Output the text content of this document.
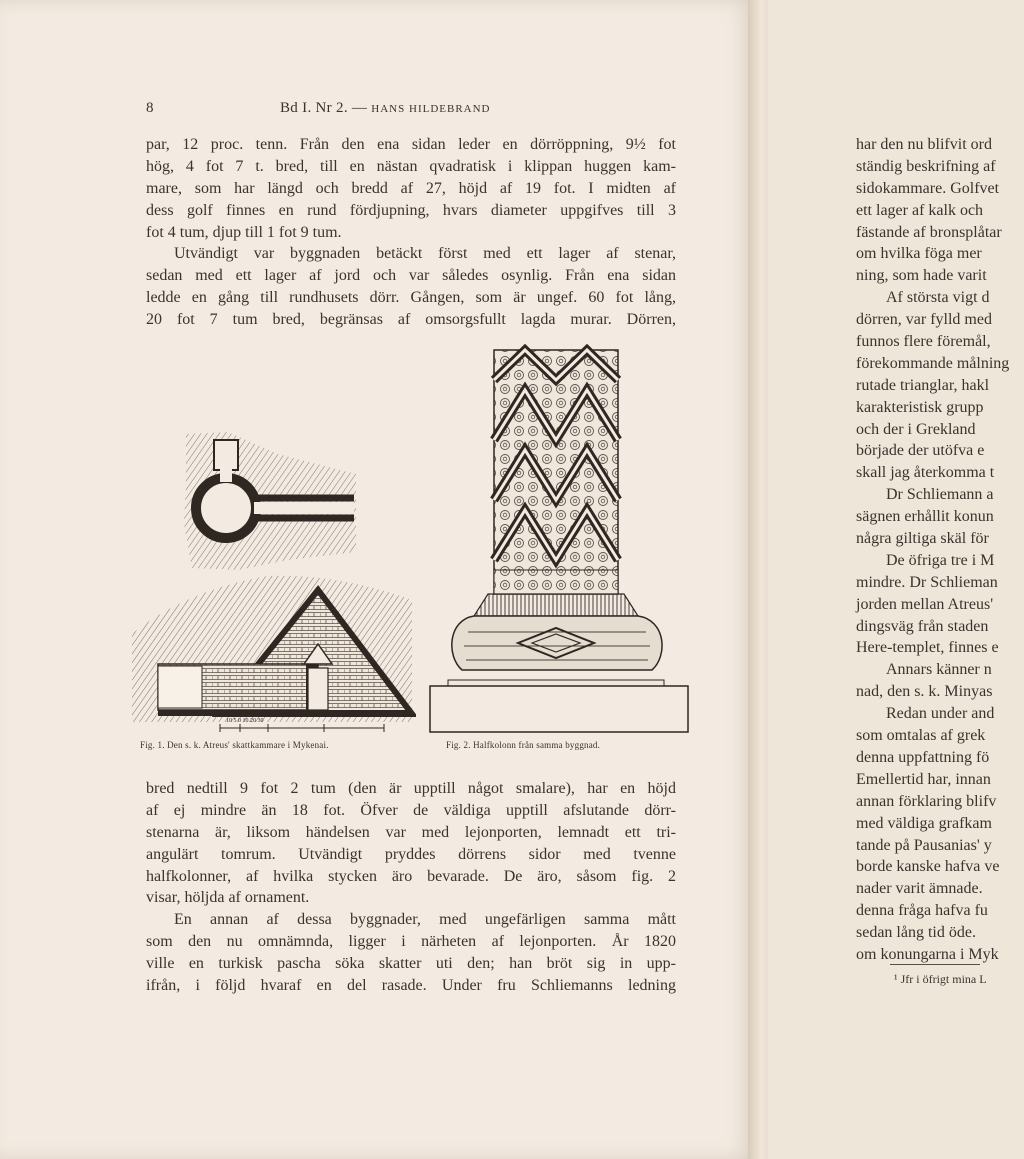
8	Bd I. Nr 2. — HANS HILDEBRAND
par, 12 proc. tenn. Från den ena sidan leder en dörröppning, 9½ fot
hög, 4 fot 7 t. bred, till en nästan qvadratisk i klippan huggen kam-
mare, som har längd och bredd af 27, höjd af 19 fot. I midten af
dess golf finnes en rund fördjupning, hvars diameter uppgifves till 3
fot 4 tum, djup till 1 fot 9 tum.
Utvändigt var byggnaden betäckt först med ett lager af stenar,
sedan med ett lager af jord och var således osynlig. Från ena sidan
ledde en gång till rundhusets dörr. Gången, som är ungef. 60 fot lång,
20 fot 7 tum bred, begränsas af omsorgsfullt lagda murar. Dörren,
10 5 0 10 20 30
Fig. 1. Den s. k. Atreus' skattkammare i Mykenai.	Fig. 2. Halfkolonn från samma byggnad.
bred nedtill 9 fot 2 tum (den är upptill något smalare), har en höjd
af ej mindre än 18 fot. Öfver de väldiga upptill afslutande dörr-
stenarna är, liksom händelsen var med lejonporten, lemnadt ett tri-
angulärt tomrum. Utvändigt pryddes dörrens sidor med tvenne
halfkolonner, af hvilka stycken äro bevarade. De äro, såsom fig. 2
visar, höljda af ornament.
En annan af dessa byggnader, med ungefärligen samma mått
som den nu omnämnda, ligger i närheten af lejonporten. År 1820
ville en turkisk pascha söka skatter uti den; han bröt sig in upp-
ifrån, i följd hvaraf en del rasade. Under fru Schliemanns ledning
har den nu blifvit ord
ständig beskrifning af
sidokammare. Golfvet
ett lager af kalk och
fästande af bronsplåtar
om hvilka föga mer
ning, som hade varit
Af största vigt d
dörren, var fylld med
funnos flere föremål,
förekommande målning
rutade trianglar, hakl
karakteristisk grupp
och der i Grekland
började der utöfva e
skall jag återkomma t
Dr Schliemann a
sägnen erhållit konun
några giltiga skäl för
De öfriga tre i M
mindre. Dr Schlieman
jorden mellan Atreus'
dingsväg från staden
Here-templet, finnes e
Annars känner n
nad, den s. k. Minyas
Redan under and
som omtalas af grek
denna uppfattning fö
Emellertid har, innan
annan förklaring blifv
med väldiga grafkam
tande på Pausanias' y
borde kanske hafva ve
nader varit ämnade.
denna fråga hafva fu
sedan lång tid öde.
om konungarna i Myk
¹ Jfr i öfrigt mina L
